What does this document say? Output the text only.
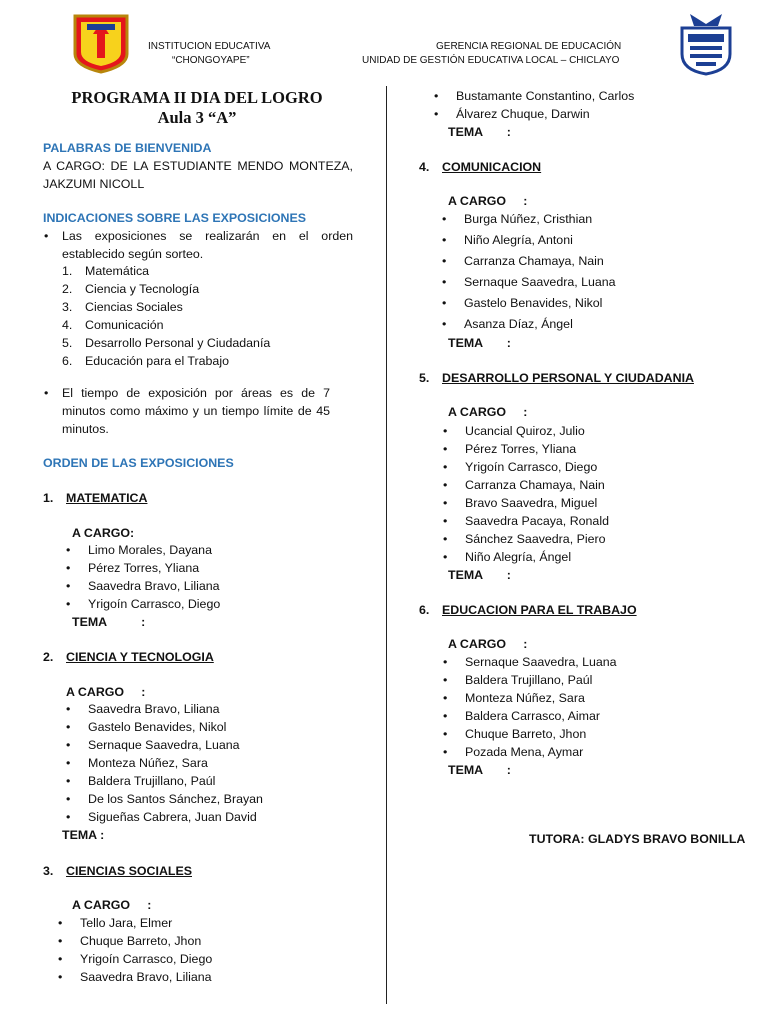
INSTITUCION EDUCATIVA
“CHONGOYAPE”
GERENCIA REGIONAL DE EDUCACIÓN
UNIDAD DE GESTIÓN EDUCATIVA LOCAL – CHICLAYO
PROGRAMA II DIA DEL LOGRO
Aula 3 “A”
PALABRAS DE BIENVENIDA
A CARGO: DE LA ESTUDIANTE MENDO MONTEZA, JAKZUMI NICOLL
INDICACIONES SOBRE LAS EXPOSICIONES
• Las exposiciones se realizarán en el orden establecido según sorteo.
1. Matemática
2. Ciencia y Tecnología
3. Ciencias Sociales
4. Comunicación
5. Desarrollo Personal y Ciudadanía
6. Educación para el Trabajo
• El tiempo de exposición por áreas es de 7 minutos como máximo y un tiempo límite de 45 minutos.
ORDEN DE LAS EXPOSICIONES
1. MATEMATICA
A CARGO:
• Limo Morales, Dayana
• Pérez Torres, Yliana
• Saavedra Bravo, Liliana
• Yrigoín Carrasco, Diego
TEMA          :
2. CIENCIA Y TECNOLOGIA
A CARGO     :
• Saavedra Bravo, Liliana
• Gastelo Benavides, Nikol
• Sernaque Saavedra, Luana
• Monteza Núñez, Sara
• Baldera Trujillano, Paúl
• De los Santos Sánchez, Brayan
• Sigueñas Cabrera, Juan David
TEMA :
3. CIENCIAS SOCIALES
A CARGO     :
• Tello Jara, Elmer
• Chuque Barreto, Jhon
• Yrigoín Carrasco, Diego
• Saavedra Bravo, Liliana
• Bustamante Constantino, Carlos
• Álvarez Chuque, Darwin
TEMA       :
4. COMUNICACION
A CARGO     :
• Burga Núñez, Cristhian
• Niño Alegría, Antoni
• Carranza Chamaya, Nain
• Sernaque Saavedra, Luana
• Gastelo Benavides, Nikol
• Asanza Díaz, Ángel
TEMA       :
5. DESARROLLO PERSONAL Y CIUDADANIA
A CARGO     :
• Ucancial Quiroz, Julio
• Pérez Torres, Yliana
• Yrigoín Carrasco, Diego
• Carranza Chamaya, Nain
• Bravo Saavedra, Miguel
• Saavedra Pacaya, Ronald
• Sánchez Saavedra, Piero
• Niño Alegría, Ángel
TEMA       :
6. EDUCACION PARA EL TRABAJO
A CARGO     :
• Sernaque Saavedra, Luana
• Baldera Trujillano, Paúl
• Monteza Núñez, Sara
• Baldera Carrasco, Aimar
• Chuque Barreto, Jhon
• Pozada Mena, Aymar
TEMA       :
TUTORA: GLADYS BRAVO BONILLA
